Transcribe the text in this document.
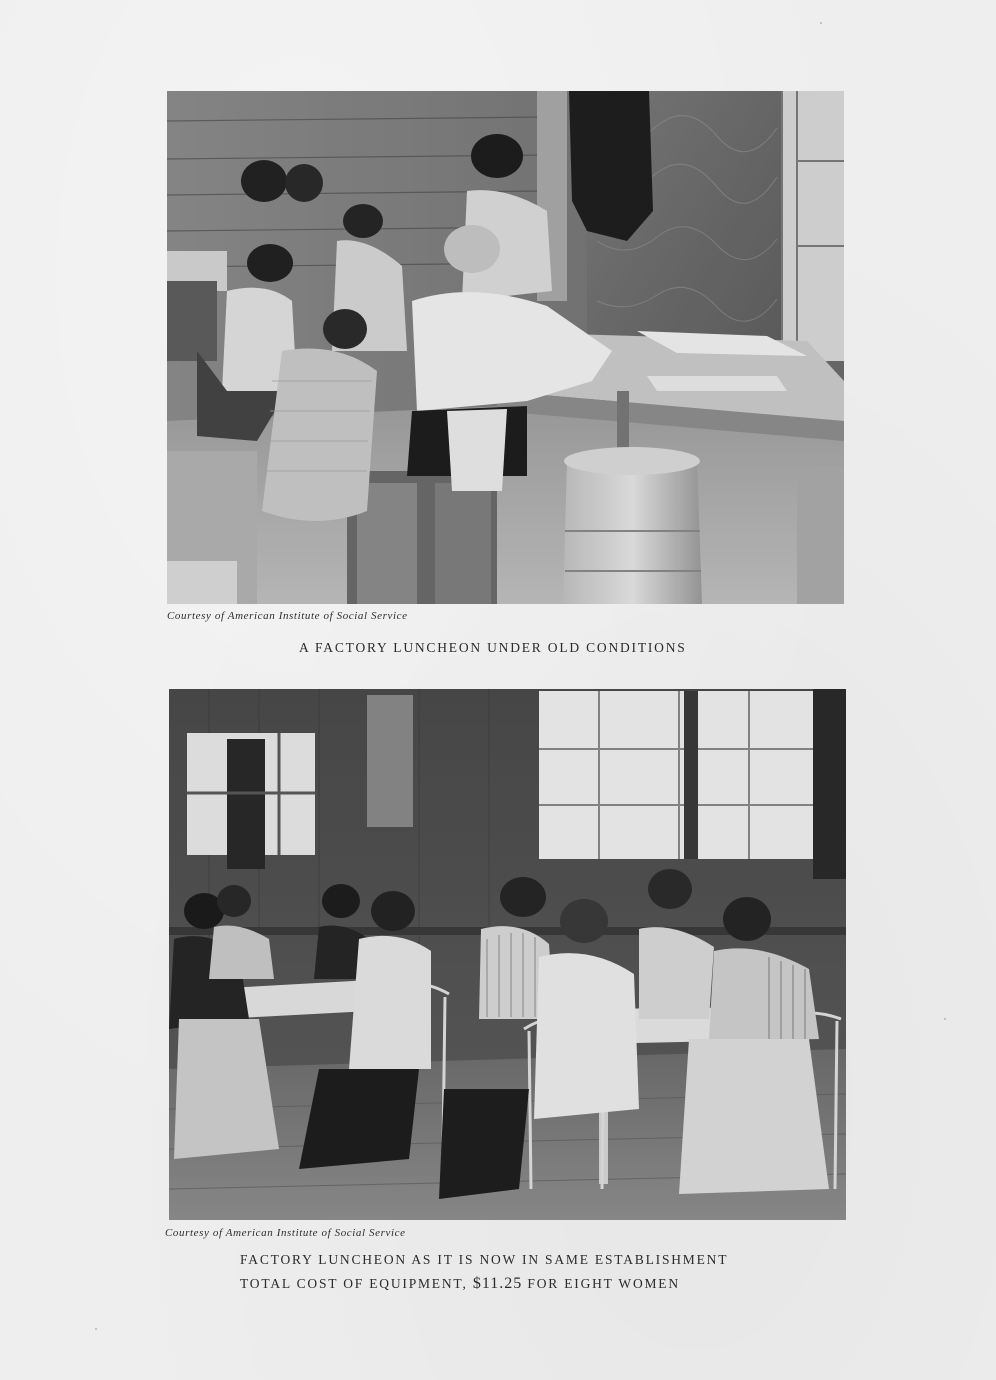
Courtesy of American Institute of Social Service
A FACTORY LUNCHEON UNDER OLD CONDITIONS
Courtesy of American Institute of Social Service
FACTORY LUNCHEON AS IT IS NOW IN SAME ESTABLISHMENT
TOTAL COST OF EQUIPMENT, $11.25 FOR EIGHT WOMEN
